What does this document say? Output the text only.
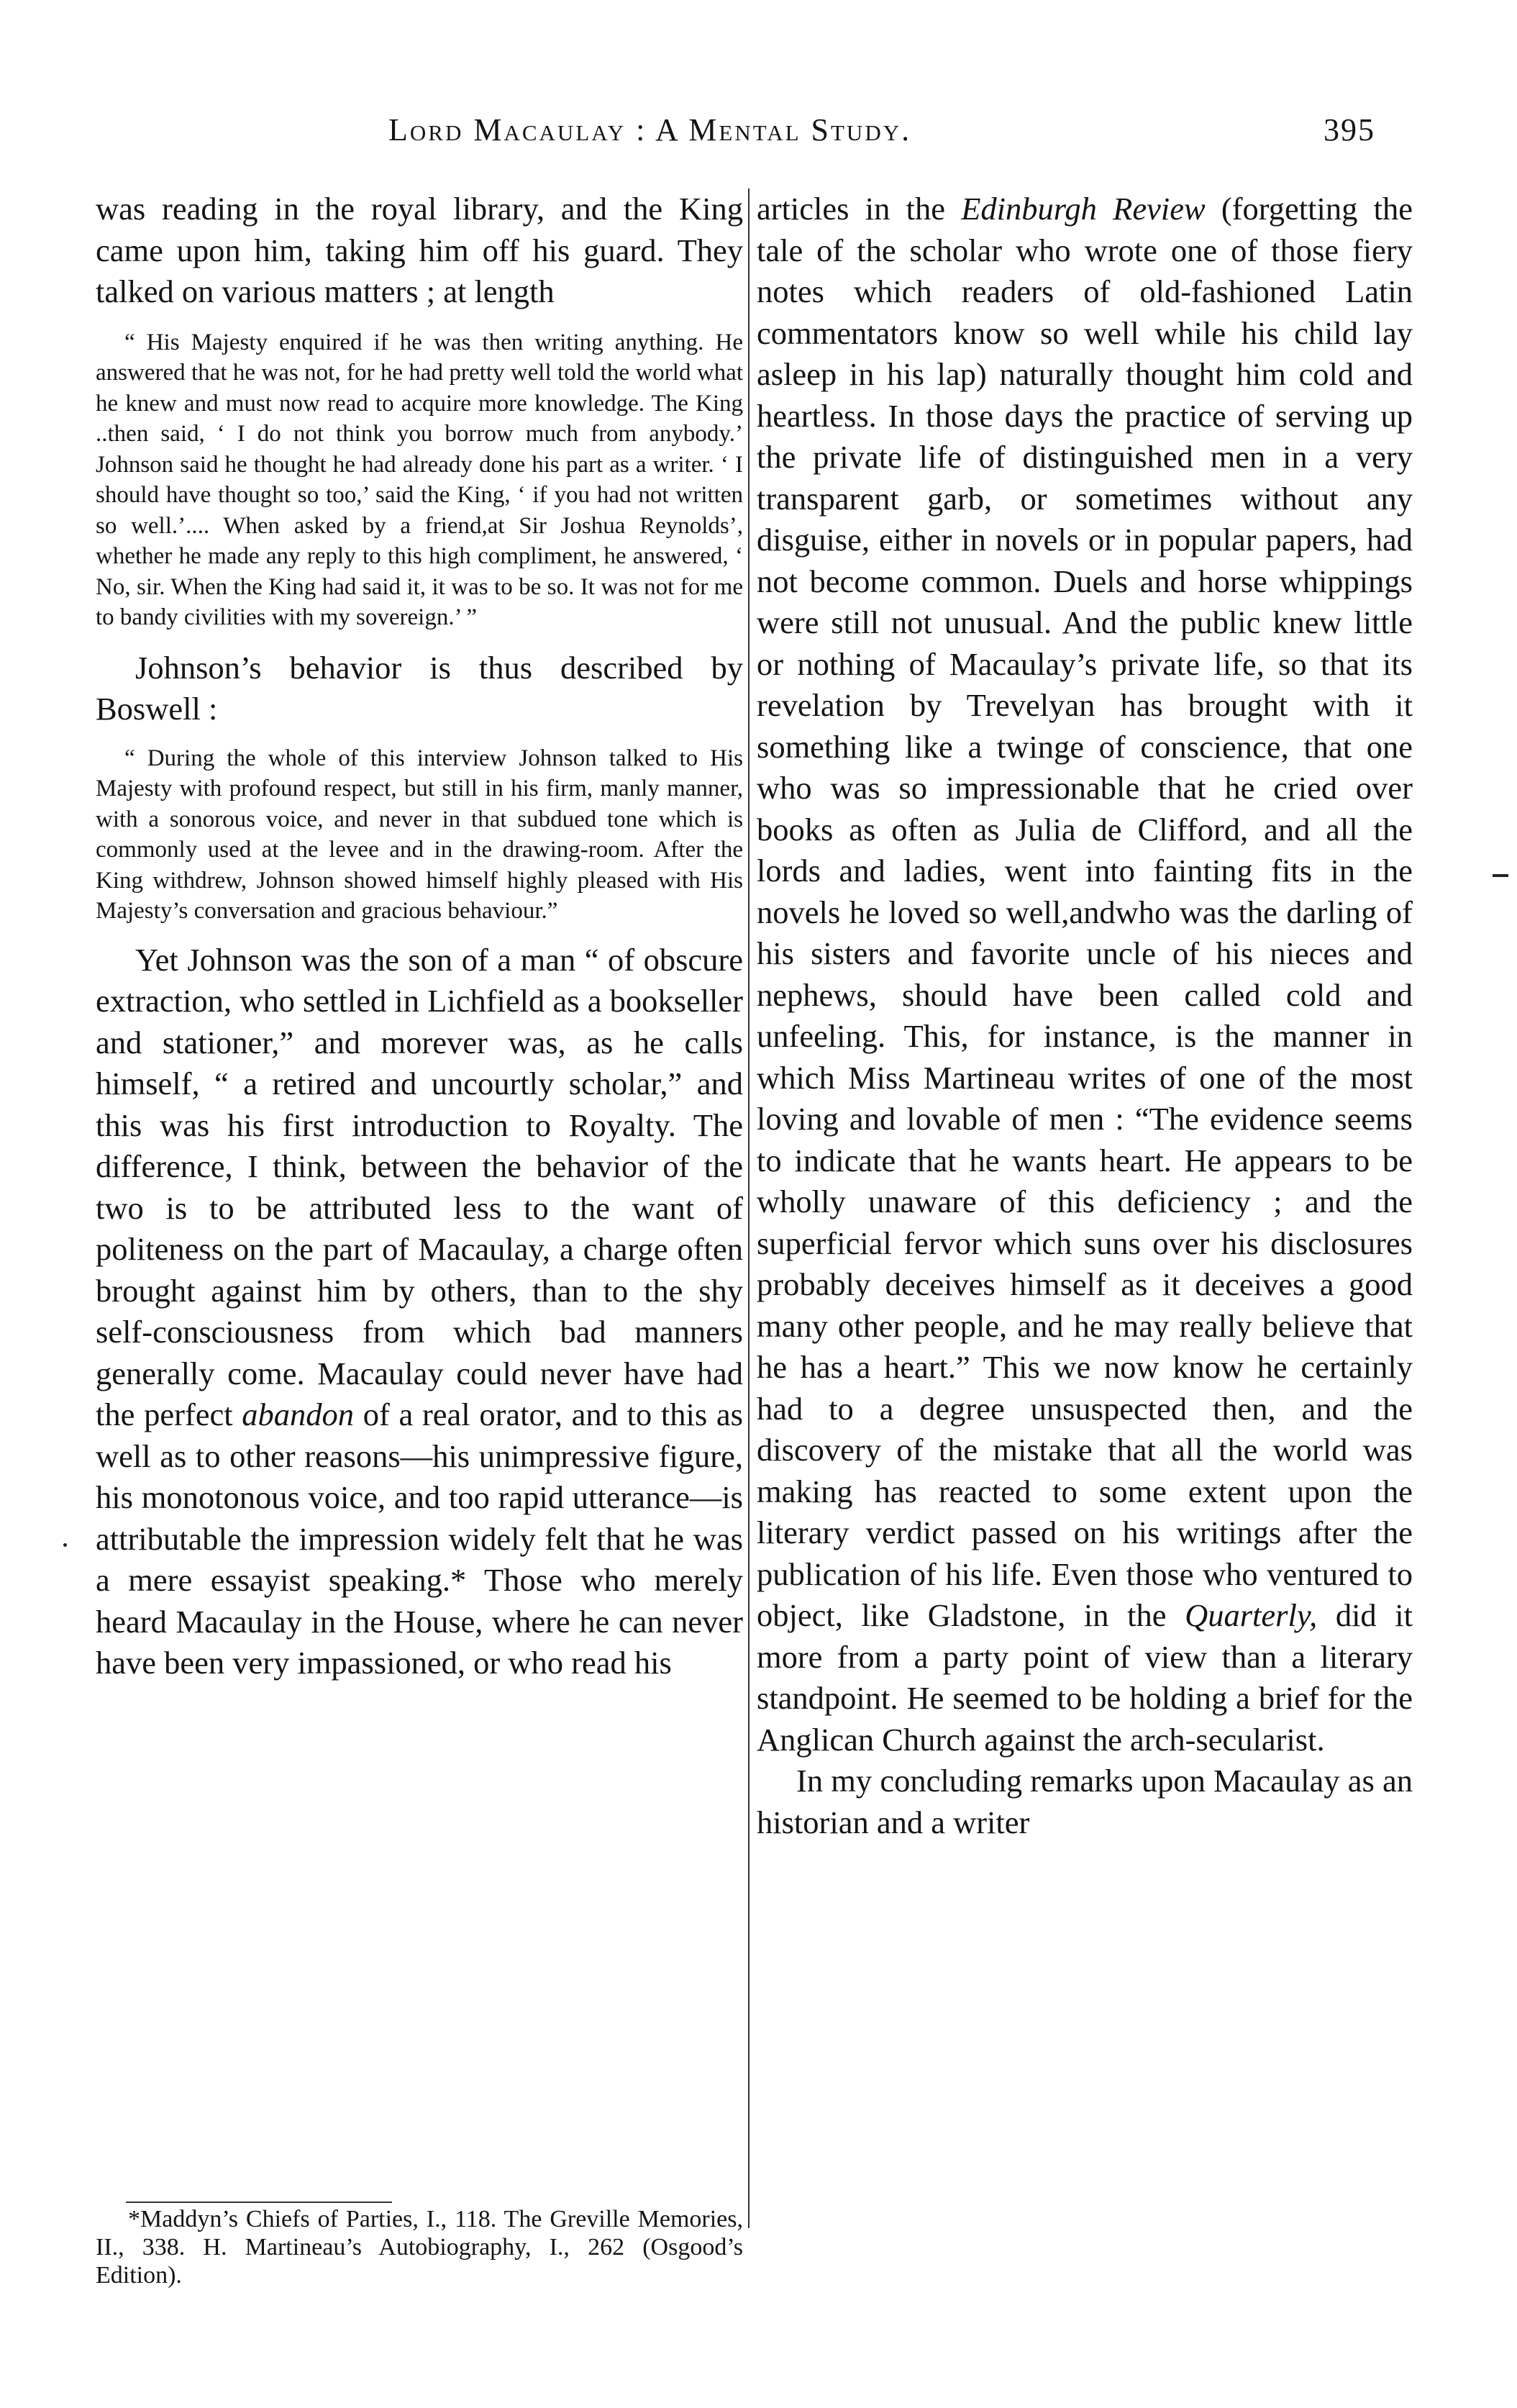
Lord Macaulay : A Mental Study.	395

was reading in the royal library, and the King came upon him, taking him off his guard. They talked on various matters ; at length

“ His Majesty enquired if he was then writing anything. He answered that he was not, for he had pretty well told the world what he knew and must now read to acquire more knowledge. The King ..then said, ‘ I do not think you borrow much from anybody.’ Johnson said he thought he had already done his part as a writer. ‘ I should have thought so too,’ said the King, ‘ if you had not written so well.’.... When asked by a friend,at Sir Joshua Reynolds’, whether he made any reply to this high compliment, he answered, ‘ No, sir. When the King had said it, it was to be so. It was not for me to bandy civilities with my sovereign.’ ”

Johnson’s behavior is thus described by Boswell :

“ During the whole of this interview Johnson talked to His Majesty with profound respect, but still in his firm, manly manner, with a sonorous voice, and never in that subdued tone which is commonly used at the levee and in the drawing-room. After the King withdrew, Johnson showed himself highly pleased with His Majesty’s conversation and gracious behaviour.”

Yet Johnson was the son of a man “ of obscure extraction, who settled in Lichfield as a bookseller and stationer,” and morever was, as he calls himself, “ a retired and uncourtly scholar,” and this was his first introduction to Royalty. The difference, I think, between the behavior of the two is to be attributed less to the want of politeness on the part of Macaulay, a charge often brought against him by others, than to the shy self-consciousness from which bad manners generally come. Macaulay could never have had the perfect abandon of a real orator, and to this as well as to other reasons—his unimpressive figure, his monotonous voice, and too rapid utterance—is attributable the impression widely felt that he was a mere essayist speaking.* Those who merely heard Macaulay in the House, where he can never have been very impassioned, or who read his

articles in the Edinburgh Review (forgetting the tale of the scholar who wrote one of those fiery notes which readers of old-fashioned Latin commentators know so well while his child lay asleep in his lap) naturally thought him cold and heartless. In those days the practice of serving up the private life of distinguished men in a very transparent garb, or sometimes without any disguise, either in novels or in popular papers, had not become common. Duels and horse whippings were still not unusual. And the public knew little or nothing of Macaulay’s private life, so that its revelation by Trevelyan has brought with it something like a twinge of conscience, that one who was so impressionable that he cried over books as often as Julia de Clifford, and all the lords and ladies, went into fainting fits in the novels he loved so well,andwho was the darling of his sisters and favorite uncle of his nieces and nephews, should have been called cold and unfeeling. This, for instance, is the manner in which Miss Martineau writes of one of the most loving and lovable of men : “The evidence seems to indicate that he wants heart. He appears to be wholly unaware of this deficiency ; and the superficial fervor which suns over his disclosures probably deceives himself as it deceives a good many other people, and he may really believe that he has a heart.” This we now know he certainly had to a degree unsuspected then, and the discovery of the mistake that all the world was making has reacted to some extent upon the literary verdict passed on his writings after the publication of his life. Even those who ventured to object, like Gladstone, in the Quarterly, did it more from a party point of view than a literary standpoint. He seemed to be holding a brief for the Anglican Church against the arch-secularist.

In my concluding remarks upon Macaulay as an historian and a writer

*Maddyn’s Chiefs of Parties, I., 118. The Greville Memories, II., 338. H. Martineau’s Autobiography, I., 262 (Osgood’s Edition).
